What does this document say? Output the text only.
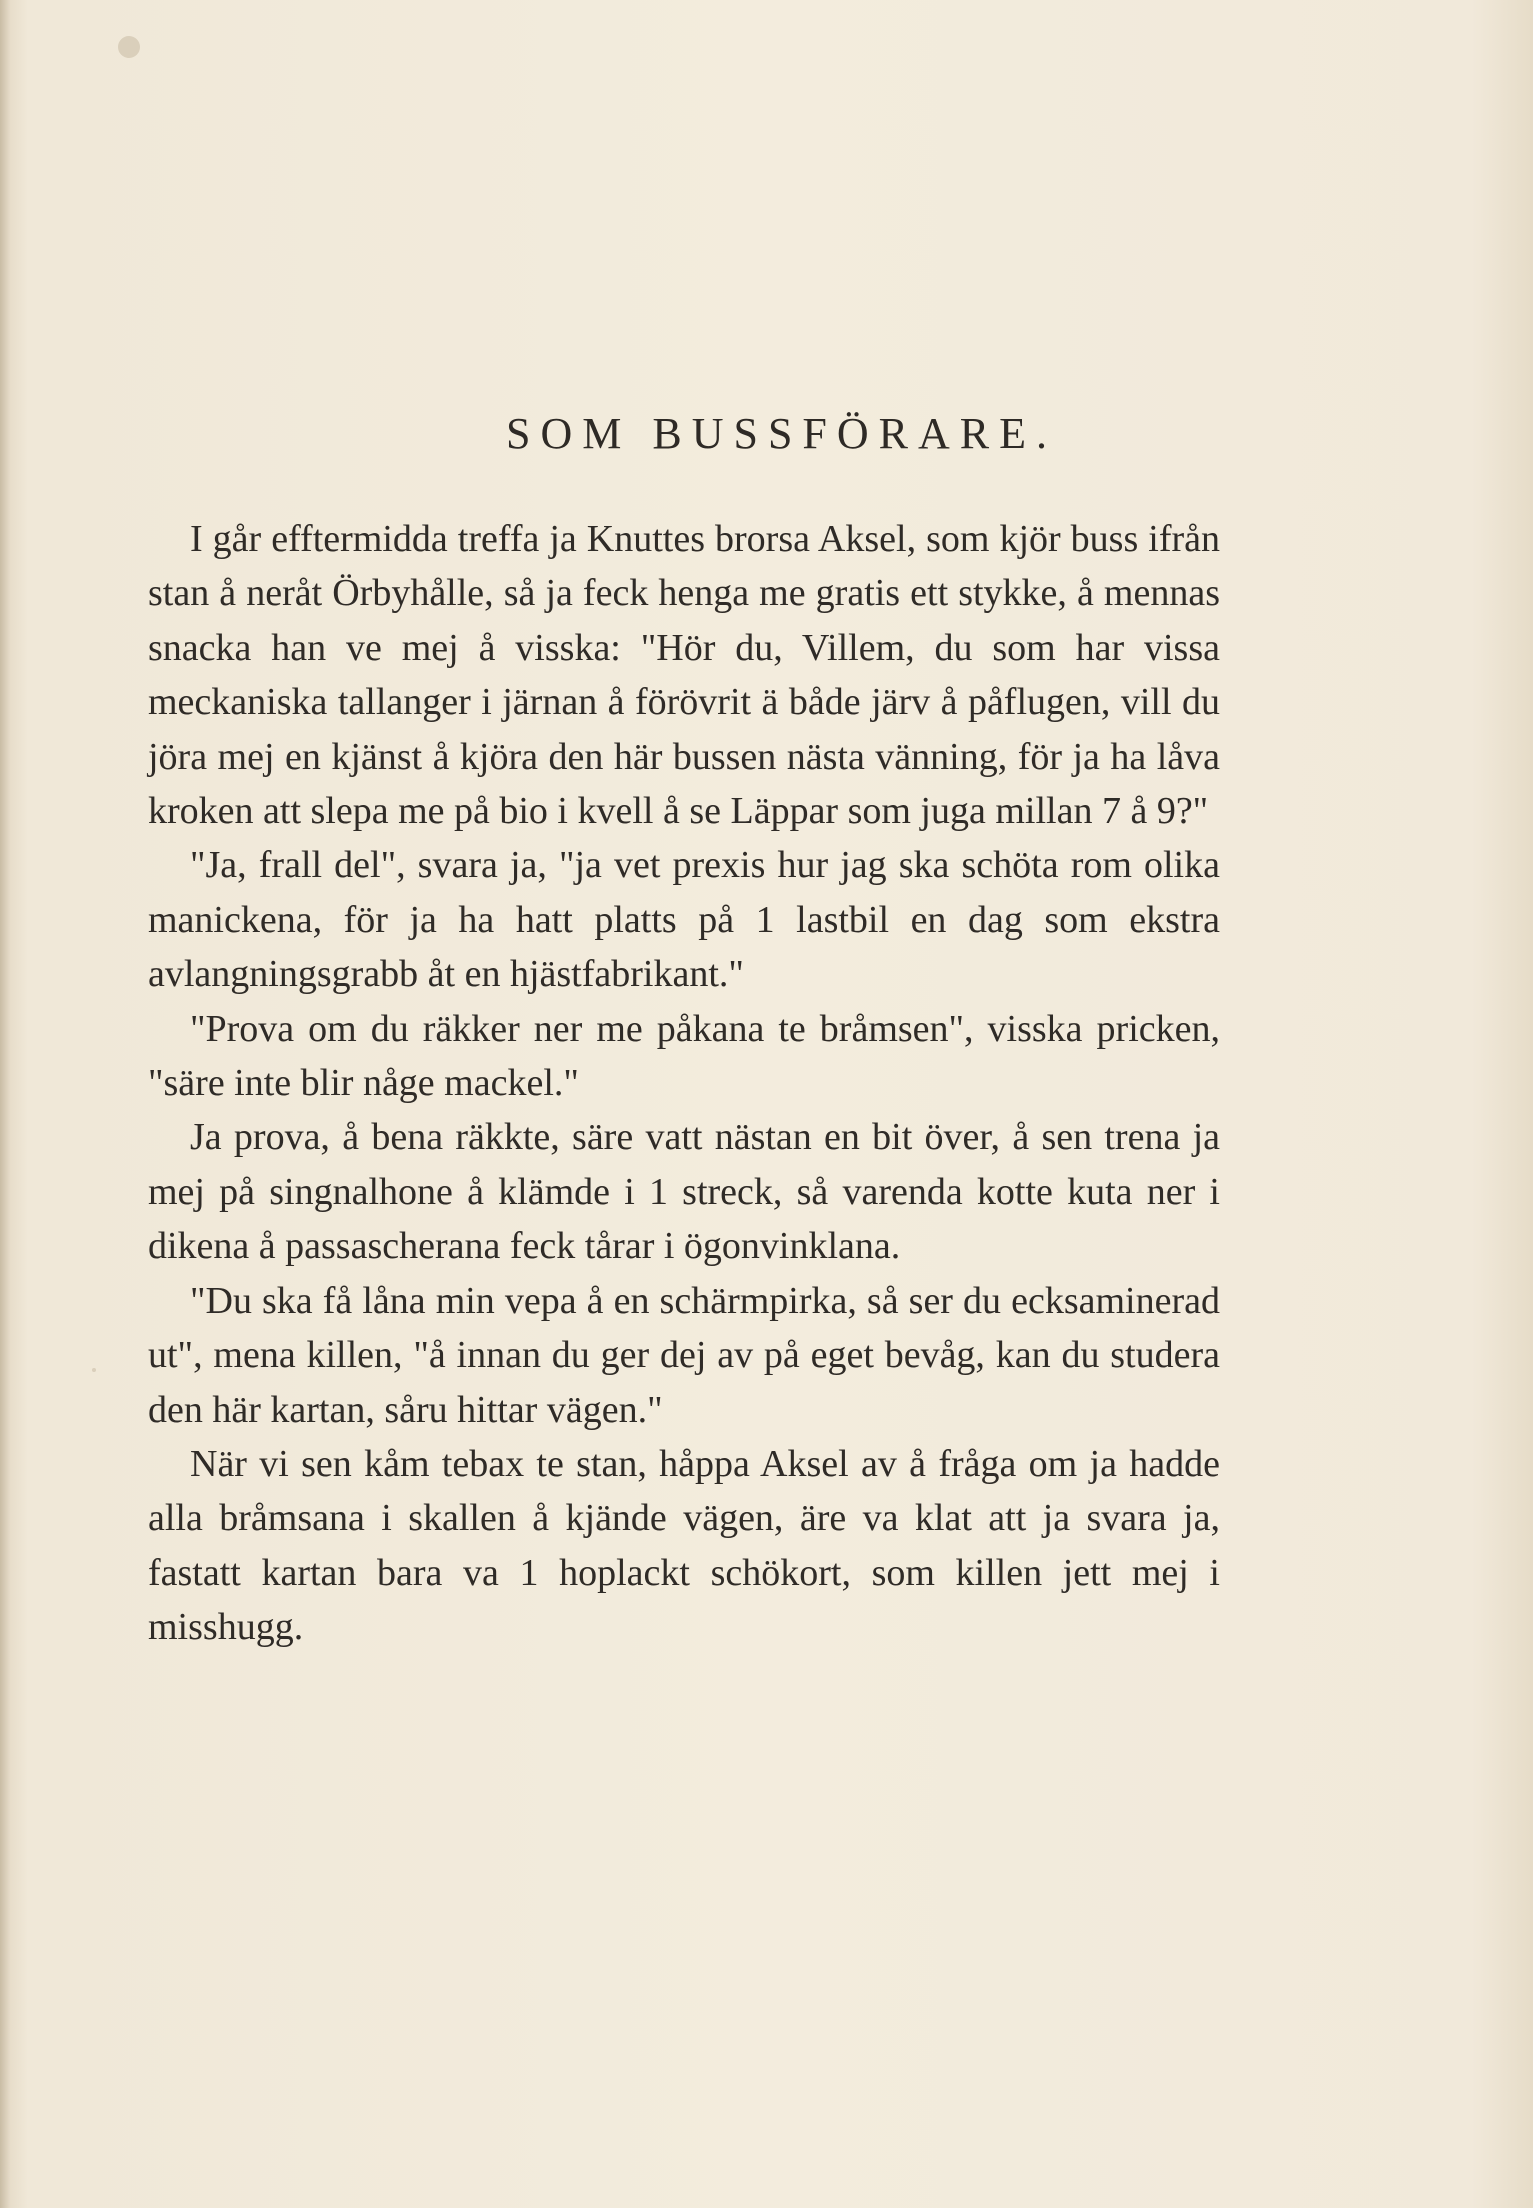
SOM BUSSFÖRARE.

I går efftermidda treffa ja Knuttes brorsa Aksel, som kjör buss ifrån stan å neråt Örbyhålle, så ja feck henga me gratis ett stykke, å mennas snacka han ve mej å visska: "Hör du, Villem, du som har vissa meckaniska tallanger i järnan å förövrit ä både järv å påflugen, vill du jöra mej en kjänst å kjöra den här bussen nästa vänning, för ja ha låva kroken att slepa me på bio i kvell å se Läppar som juga millan 7 å 9?"

"Ja, frall del", svara ja, "ja vet prexis hur jag ska schöta rom olika manickena, för ja ha hatt platts på 1 lastbil en dag som ekstra avlangningsgrabb åt en hjästfabrikant."

"Prova om du räkker ner me påkana te bråmsen", visska pricken, "säre inte blir någe mackel."

Ja prova, å bena räkkte, säre vatt nästan en bit över, å sen trena ja mej på singnalhone å klämde i 1 streck, så varenda kotte kuta ner i dikena å passascherana feck tårar i ögonvinklana.

"Du ska få låna min vepa å en schärmpirka, så ser du ecksaminerad ut", mena killen, "å innan du ger dej av på eget bevåg, kan du studera den här kartan, såru hittar vägen."

När vi sen kåm tebax te stan, håppa Aksel av å fråga om ja hadde alla bråmsana i skallen å kjände vägen, äre va klat att ja svara ja, fastatt kartan bara va 1 hoplackt schökort, som killen jett mej i misshugg.
